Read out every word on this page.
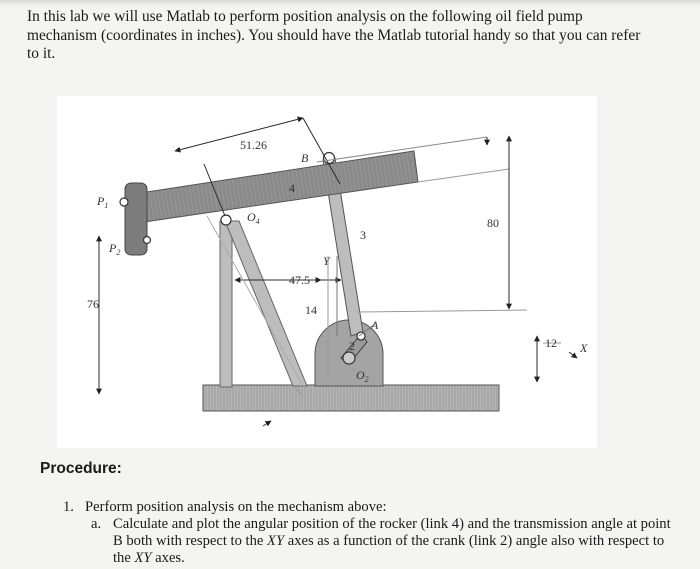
In this lab we will use Matlab to perform position analysis on the following oil field pump mechanism (coordinates in inches). You should have the Matlab tutorial handy so that you can refer to it.
51.26
B
$P_1$
$P_2$
$O_4$
4
3
2
80
Y
47.5
14
76
A
12 X
$O_2$
Procedure:
1. Perform position analysis on the mechanism above:
a. Calculate and plot the angular position of the rocker (link 4) and the transmission angle at point B both with respect to the XY axes as a function of the crank (link 2) angle also with respect to the XY axes.
